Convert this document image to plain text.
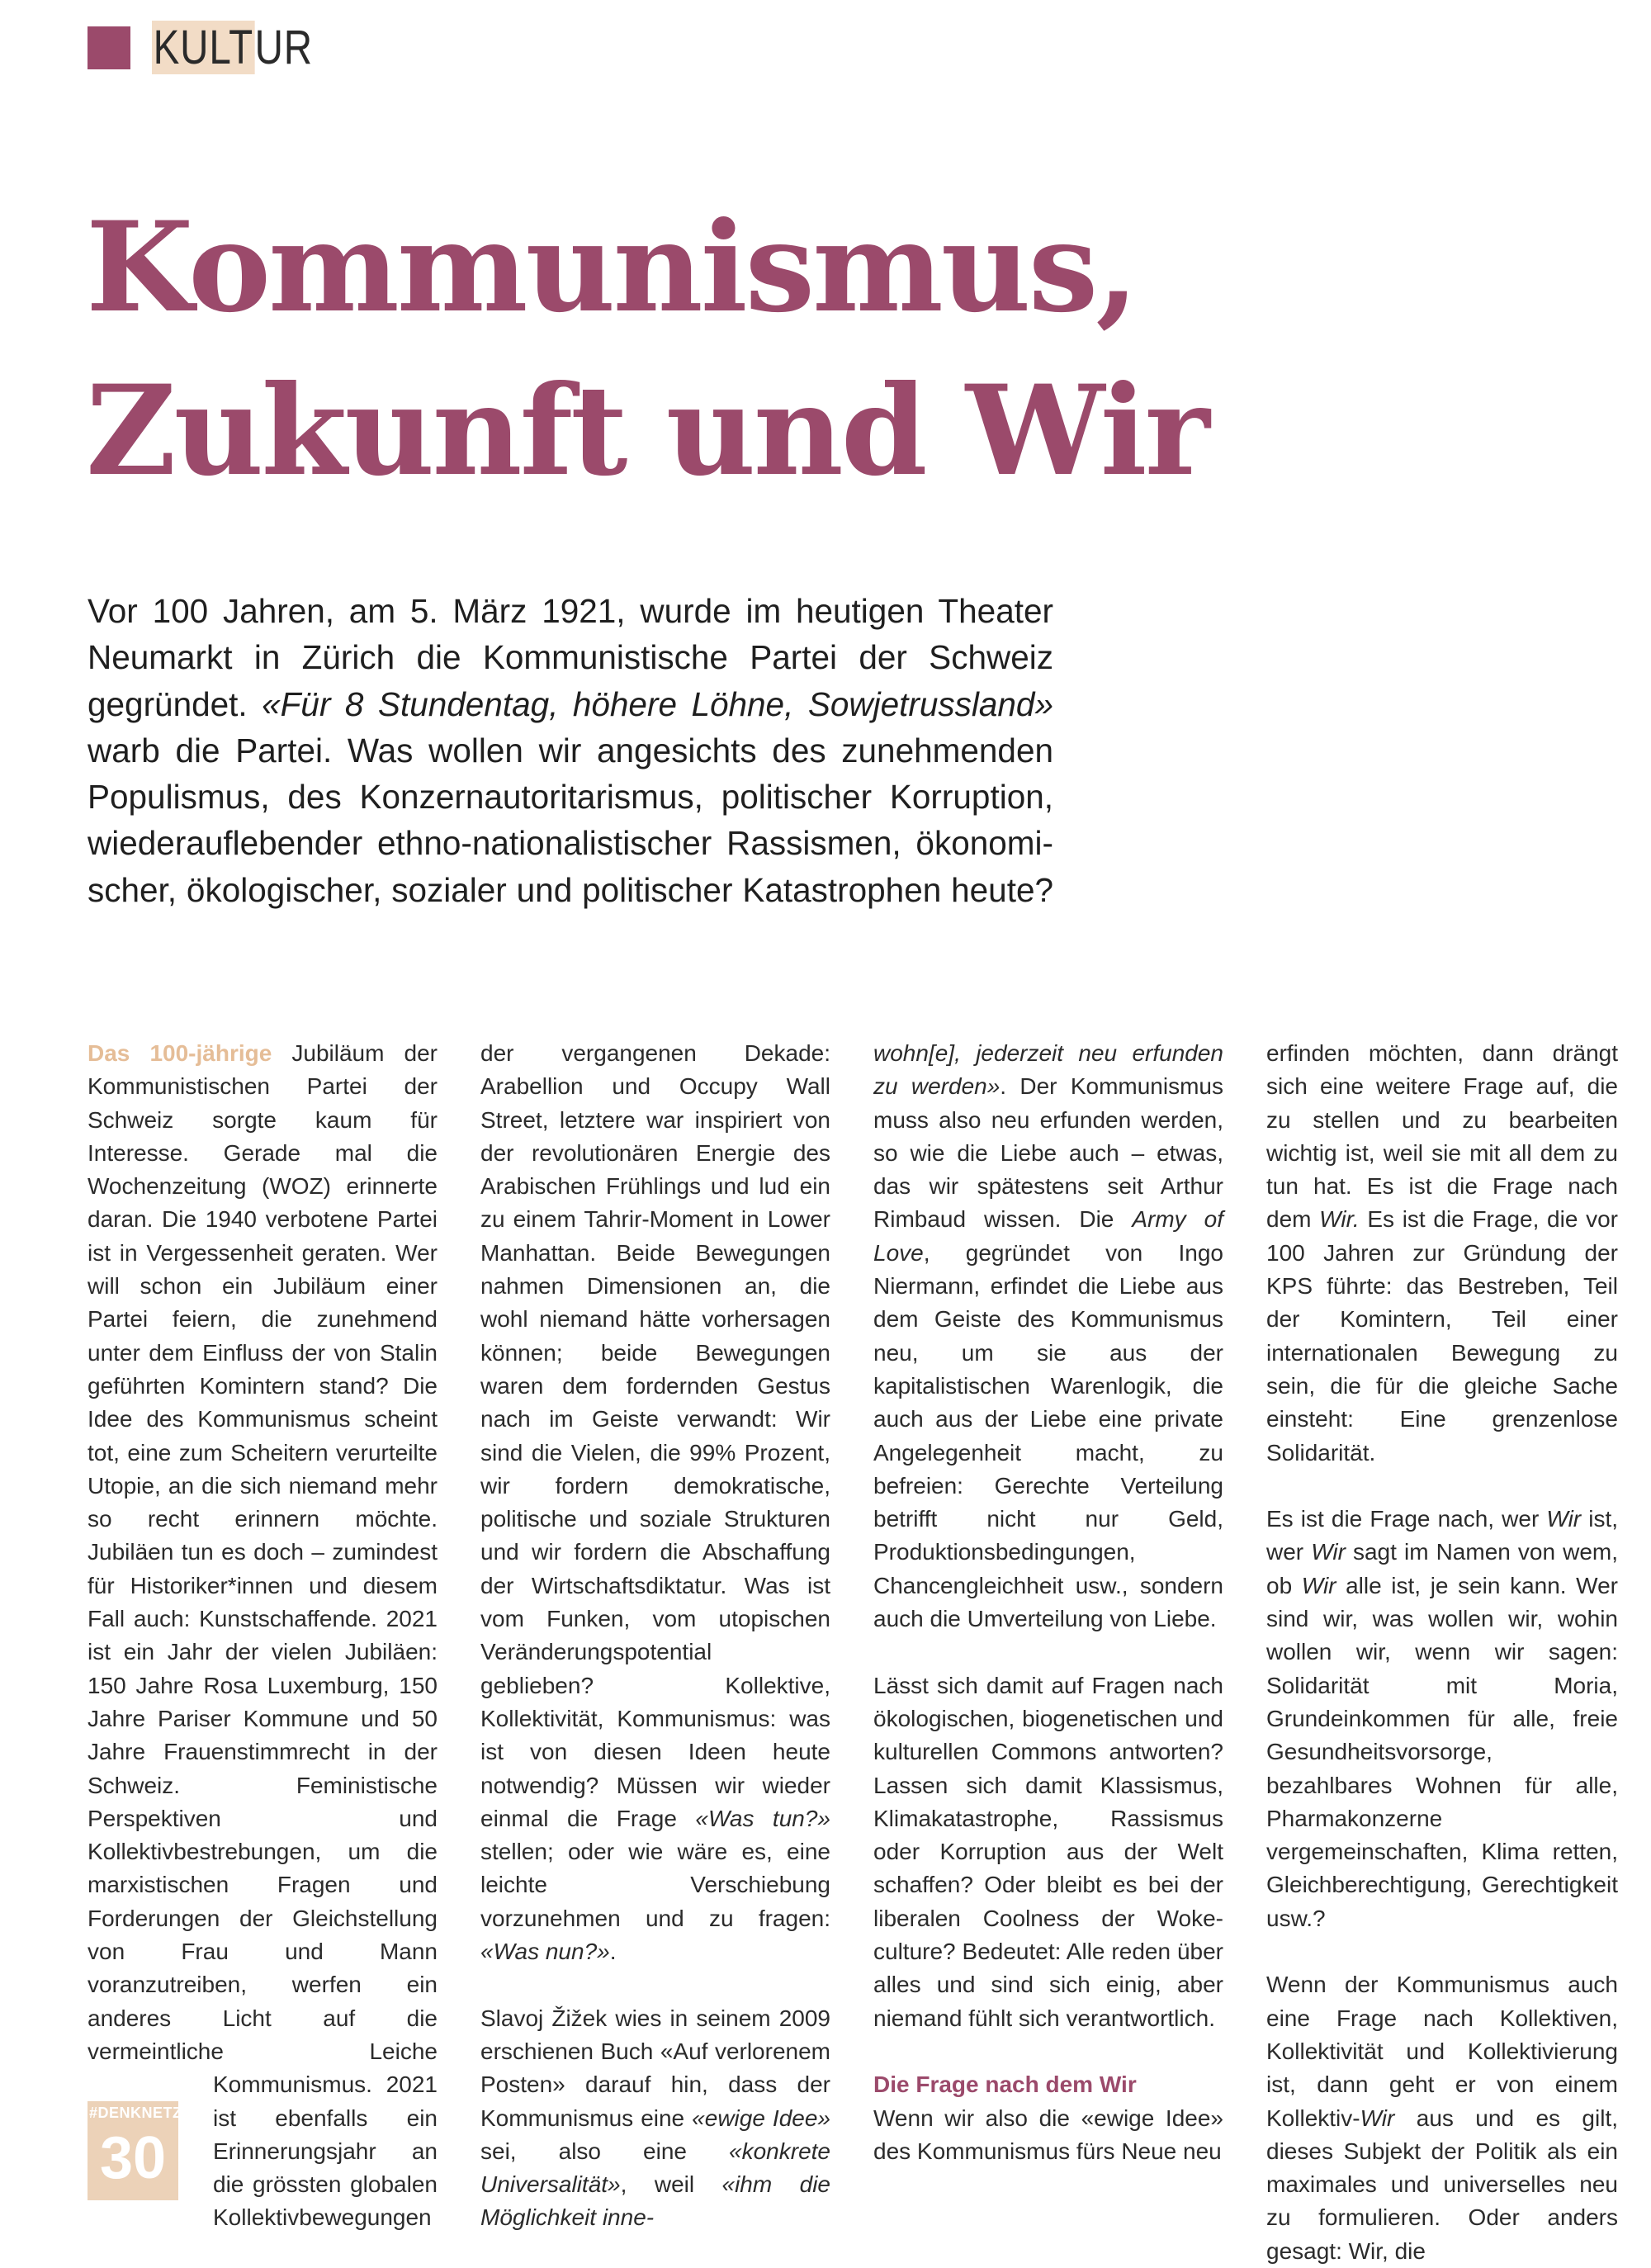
KULTUR
Kommunismus,
Zukunft und Wir
Vor 100 Jahren, am 5. März 1921, wurde im heutigen Theater
Neumarkt in Zürich die Kommunistische Partei der Schweiz
gegründet. «Für 8 Stundentag, höhere Löhne, Sowjetrussland»
warb die Partei. Was wollen wir angesichts des zunehmenden
Populismus, des Konzernautoritarismus, politischer Korruption,
wiederauflebender ethno-nationalistischer Rassismen, ökonomi-
scher, ökologischer, sozialer und politischer Katastrophen heute?

Das 100-jährige Jubiläum der Kommunistischen Partei der Schweiz sorgte kaum für Interesse. Gerade mal die Wochenzeitung (WOZ) erinnerte daran. Die 1940 verbotene Partei ist in Vergessenheit geraten. Wer will schon ein Jubiläum einer Partei feiern, die zunehmend unter dem Einfluss der von Stalin geführten Komintern stand? Die Idee des Kommunismus scheint tot, eine zum Scheitern verurteilte Utopie, an die sich niemand mehr so recht erinnern möchte. Jubiläen tun es doch – zumindest für Historiker*innen und diesem Fall auch: Kunstschaffende. 2021 ist ein Jahr der vielen Jubiläen: 150 Jahre Rosa Luxemburg, 150 Jahre Pariser Kommune und 50 Jahre Frauenstimmrecht in der Schweiz. Feministische Perspektiven und Kollektivbestrebungen, um die marxistischen Fragen und Forderungen der Gleichstellung von Frau und Mann voranzutreiben, werfen ein anderes Licht auf die vermeintliche Leiche Kommunismus. 2021
#DENKNETZ
30
ist ebenfalls ein Erinnerungsjahr an die grössten globalen Kollektivbewegungen

der vergangenen Dekade: Arabellion und Occupy Wall Street, letztere war inspiriert von der revolutionären Energie des Arabischen Frühlings und lud ein zu einem Tahrir-Moment in Lower Manhattan. Beide Bewegungen nahmen Dimensionen an, die wohl niemand hätte vorhersagen können; beide Bewegungen waren dem fordernden Gestus nach im Geiste verwandt: Wir sind die Vielen, die 99% Prozent, wir fordern demokratische, politische und soziale Strukturen und wir fordern die Abschaffung der Wirtschaftsdiktatur. Was ist vom Funken, vom utopischen Veränderungspotential geblieben? Kollektive, Kollektivität, Kommunismus: was ist von diesen Ideen heute notwendig? Müssen wir wieder einmal die Frage «Was tun?» stellen; oder wie wäre es, eine leichte Verschiebung vorzunehmen und zu fragen: «Was nun?».

Slavoj Žižek wies in seinem 2009 erschienen Buch «Auf verlorenem Posten» darauf hin, dass der Kommunismus eine «ewige Idee» sei, also eine «konkrete Universalität», weil «ihm die Möglichkeit inne-

wohn[e], jederzeit neu erfunden zu werden». Der Kommunismus muss also neu erfunden werden, so wie die Liebe auch – etwas, das wir spätestens seit Arthur Rimbaud wissen. Die Army of Love, gegründet von Ingo Niermann, erfindet die Liebe aus dem Geiste des Kommunismus neu, um sie aus der kapitalistischen Warenlogik, die auch aus der Liebe eine private Angelegenheit macht, zu befreien: Gerechte Verteilung betrifft nicht nur Geld, Produktionsbedingungen, Chancengleichheit usw., sondern auch die Umverteilung von Liebe.

Lässt sich damit auf Fragen nach ökologischen, biogenetischen und kulturellen Commons antworten? Lassen sich damit Klassismus, Klimakatastrophe, Rassismus oder Korruption aus der Welt schaffen? Oder bleibt es bei der liberalen Coolness der Woke-culture? Bedeutet: Alle reden über alles und sind sich einig, aber niemand fühlt sich verantwortlich.

Die Frage nach dem Wir

Wenn wir also die «ewige Idee» des Kommunismus fürs Neue neu

erfinden möchten, dann drängt sich eine weitere Frage auf, die zu stellen und zu bearbeiten wichtig ist, weil sie mit all dem zu tun hat. Es ist die Frage nach dem Wir. Es ist die Frage, die vor 100 Jahren zur Gründung der KPS führte: das Bestreben, Teil der Komintern, Teil einer internationalen Bewegung zu sein, die für die gleiche Sache einsteht: Eine grenzenlose Solidarität.

Es ist die Frage nach, wer Wir ist, wer Wir sagt im Namen von wem, ob Wir alle ist, je sein kann. Wer sind wir, was wollen wir, wohin wollen wir, wenn wir sagen: Solidarität mit Moria, Grundeinkommen für alle, freie Gesundheitsvorsorge, bezahlbares Wohnen für alle, Pharmakonzerne vergemeinschaften, Klima retten, Gleichberechtigung, Gerechtigkeit usw.?

Wenn der Kommunismus auch eine Frage nach Kollektiven, Kollektivität und Kollektivierung ist, dann geht er von einem Kollektiv-Wir aus und es gilt, dieses Subjekt der Politik als ein maximales und universelles neu zu formulieren. Oder anders gesagt: Wir, die
